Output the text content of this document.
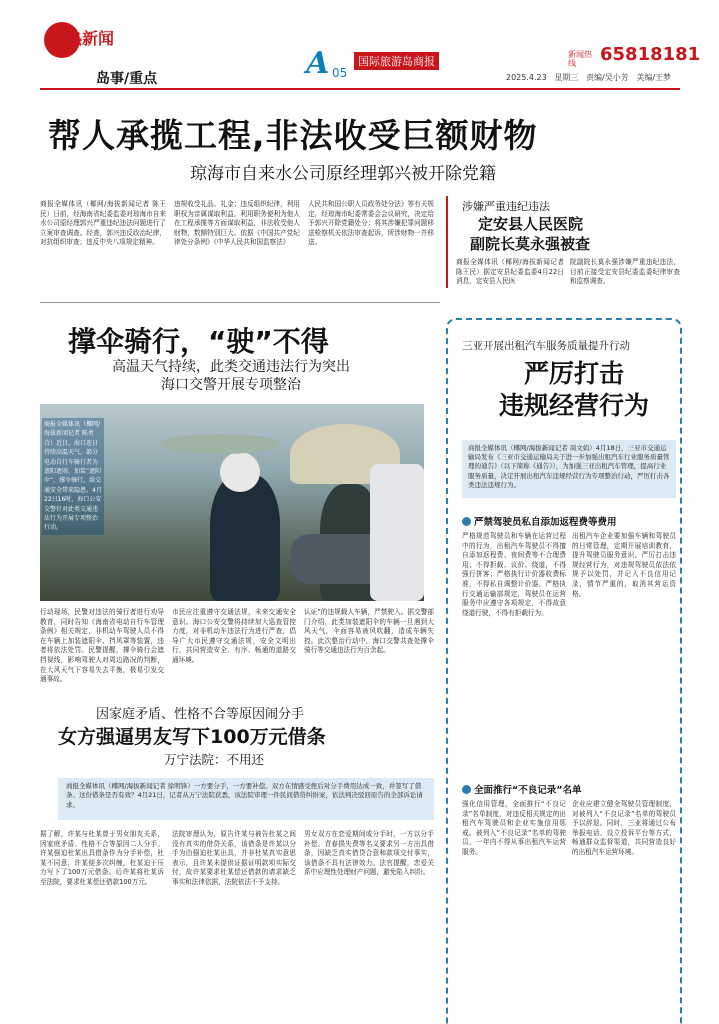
热新闻
岛事/重点	A 05
国际旅游岛商报
新闻热线	65818181
2025.4.23 星期三 责编/吴小芳 美编/王梦
帮人承揽工程,非法收受巨额财物
琼海市自来水公司原经理郭兴被开除党籍
商报全媒体讯（椰网/海拔新闻记者 陈王民）日前，经海南省纪委监委对琼海市自来水公司原经理郭兴严重违纪违法问题进行了立案审查调查。经查，郭兴违反政治纪律，对抗组织审查；违反中央八项规定精神。
违规收受礼品、礼金；违反组织纪律，利用职权为亲属谋取利益，利用职务便利为他人在工程承揽等方面谋取利益，非法收受他人财物，数额特别巨大。依据《中国共产党纪律处分条例》《中华人民共和国监察法》
人民共和国公职人员政务处分法》等有关规定，经琼海市纪委常委会会议研究，决定给予郭兴开除党籍处分；将其涉嫌犯罪问题移送检察机关依法审查起诉，所涉财物一并移送。
涉嫌严重违纪违法
定安县人民医院
副院长莫永强被查
商报全媒体讯（椰网/海拔新闻记者 陈王民）据定安县纪委监委4月22日消息，定安县人民医
院副院长莫永强涉嫌严重违纪违法，目前正接受定安县纪委监委纪律审查和监察调查。
撑伞骑行，“驶”不得
高温天气持续，此类交通违法行为突出
海口交警开展专项整治
商报全媒体讯（椰网/海拔新闻记者 陈勇合）近日，海口连日持续高温天气，部分电动自行车骑行者为遮阳遮雨，加装“遮阳伞”，撑伞骑行，给交通安全带来隐患。4月22日16时，海口公安交警针对此类交通违法行为开展专项整治行动。
行动现场，民警对违法的骑行者进行劝导教育，同时告知《海南省电动自行车管理条例》相关规定，非机动车驾驶人员不得在车辆上加装遮阳伞、挡风罩等装置，违者将依法处罚。民警提醒，撑伞骑行会遮挡视线，影响驾驶人对周边路况的判断，在大风天气下容易失去平衡，极易引发交通事故。
市民应注重遵守交通法规，未来交通安全意识。海口公安交警将持续加大巡查管控力度，对非机动车违法行为进行严查，倡导广大市民遵守交通法规，安全文明出行，共同营造安全、有序、畅通的道路交通环境。
认证”的违规载人车辆，严禁驶入。据交警部门介绍，此类加装遮阳伞的车辆一旦遇到大风天气，伞面容易被风吹翻，造成车辆失控。此次整治行动中，海口交警共查处撑伞骑行等交通违法行为百余起。
因家庭矛盾、性格不合等原因闹分手
女方强逼男友写下100万元借条
万宁法院：不用还
商报全媒体讯（椰网/海拔新闻记者 徐明锋）一方要分手，一方要补偿。双方在情感受挫后对分手费用达成一致，并签写了借条。这份借条是否有效？4月21日，记者从万宁法院获悉，该法院审理一件民间借贷纠纷案，依法判决驳回原告的全部诉讼请求。
据了解，许某与杜某曾于男女朋友关系，因家庭矛盾、性格不合等原因二人分手。许某强迫杜某出具借条作为分手补偿，杜某不同意，许某便多次纠缠，杜某迫于压力写下了100万元借条。后许某将杜某诉至法院，要求杜某偿还借款100万元。
法院审理认为，原告许某与被告杜某之间没有真实的借贷关系，该借条是许某以分手为由强迫杜某出具，并非杜某真实意思表示，且许某未提供证据证明款项实际交付，故许某要求杜某偿还借款的请求缺乏事实和法律依据，法院依法不予支持。
男女双方在恋爱期间或分手时，一方以分手补偿、青春损失费等名义要求另一方出具借条，因缺乏真实借贷合意和款项交付事实，该借条不具有法律效力。法官提醒，恋爱关系中应理性处理财产问题，避免陷入纠纷。
三亚开展出租汽车服务质量提升行动
严厉打击
违规经营行为
商报全媒体讯（椰网/海拔新闻记者 周文娟）4月18日，三亚市交通运输局发布《三亚市交通运输局关于进一步加强出租汽车行业服务质量管理的通告》（以下简称《通告》），为加强三亚出租汽车管理，提高行业服务质量，决定开展出租汽车违规经营行为专项整治行动，严厉打击各类违法违规行为。
严禁驾驶员私自添加返程费等费用
严格规范驾驶员和车辆在运营过程中的行为，出租汽车驾驶员不得擅自添加返程费、夜间费等不合理费用；不得拒载、议价、绕道，不得强行拼客；严格执行计价器收费标准，不得私自调整计价器。严格执行交通运输部规定，驾驶员在运营服务中应遵守各项规定，不得故意绕道行驶，不得有拒载行为。
出租汽车企业要加强车辆和驾驶员的日常管理，定期开展培训教育，提升驾驶员服务意识。严厉打击违规经营行为，对违规驾驶员依法依规予以处罚，并记入不良信用记录，情节严重的，取消其营运资格。
全面推行“不良记录”名单
强化信用管理，全面推行“不良记录”名单制度，对违反相关规定的出租汽车驾驶员和企业实施信用惩戒。被列入“不良记录”名单的驾驶员，一年内不得从事出租汽车运营服务。
企业应建立健全驾驶员管理制度，对被列入“不良记录”名单的驾驶员予以辞退。同时，三亚将通过公布举报电话、设立投诉平台等方式，畅通群众监督渠道，共同营造良好的出租汽车运营环境。
